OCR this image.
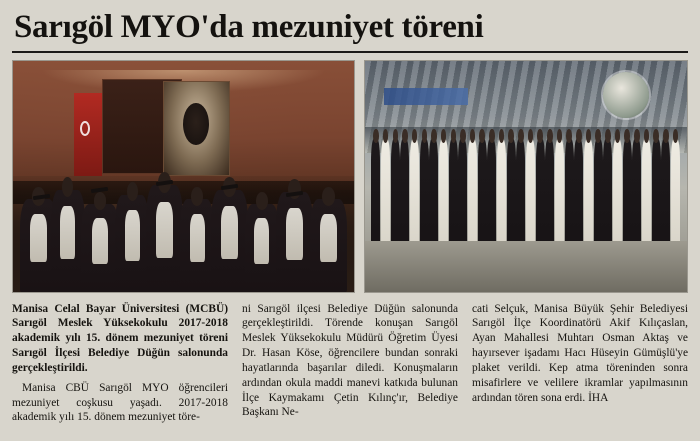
Sarıgöl MYO'da mezuniyet töreni

Manisa Celal Bayar Üniversitesi (MCBÜ) Sarıgöl Meslek Yüksekokulu 2017-2018 akademik yılı 15. dönem mezuniyet töreni Sarıgöl İlçesi Belediye Düğün salonunda gerçekleştirildi.

Manisa CBÜ Sarıgöl MYO öğrencileri mezuniyet coşkusu yaşadı. 2017-2018 akademik yılı 15. dönem mezuniyet töre-

ni Sarıgöl ilçesi Belediye Düğün salonunda gerçekleştirildi. Törende konuşan Sarıgöl Meslek Yüksekokulu Müdürü Öğretim Üyesi Dr. Hasan Köse, öğrencilere bundan sonraki hayatlarında başarılar diledi. Konuşmaların ardından okula maddi manevi katkıda bulunan İlçe Kaymakamı Çetin Kılınç'ır, Belediye Başkanı Ne-

cati Selçuk, Manisa Büyük Şehir Belediyesi Sarıgöl İlçe Koordinatörü Akif Kılıçaslan, Ayan Mahallesi Muhtarı Osman Aktaş ve hayırsever işadamı Hacı Hüseyin Gümüşlü'ye plaket verildi. Kep atma töreninden sonra misafirlere ve velilere ikramlar yapılmasının ardından tören sona erdi. İHA
